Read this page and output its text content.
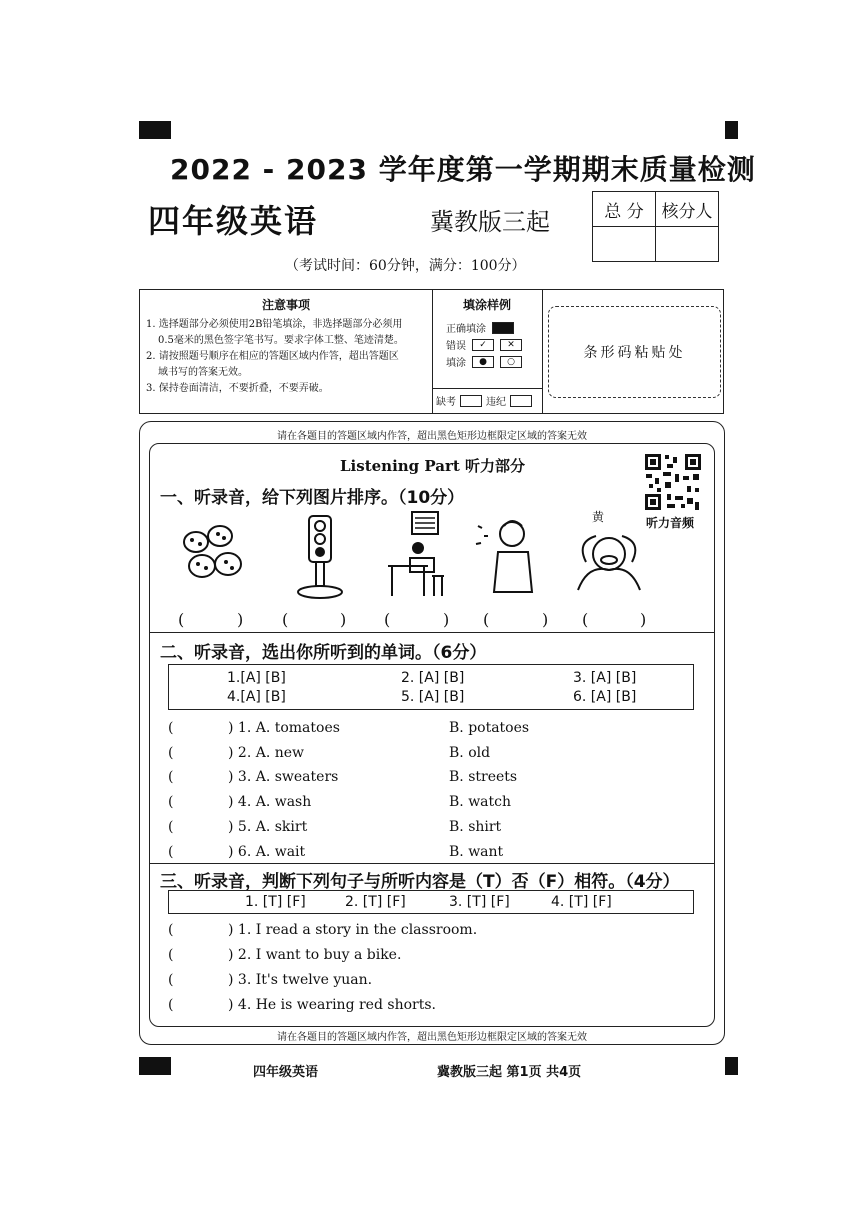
2022 - 2023 学年度第一学期期末质量检测
四年级英语	冀教版三起	总 分	核分人

（考试时间：60分钟，满分：100分）
注意事项
1. 选择题部分必须使用2B铅笔填涂，非选择题部分必须用
0.5毫米的黑色签字笔书写。要求字体工整、笔迹清楚。
2. 请按照题号顺序在相应的答题区域内作答，超出答题区
域书写的答案无效。
3. 保持卷面清洁，不要折叠，不要弄破。
填涂样例
正确填涂
错误	✓	✕
填涂	●	○
缺考	违纪
条形码粘贴处
请在各题目的答题区域内作答，超出黑色矩形边框限定区域的答案无效
请在各题目的答题区域内作答，超出黑色矩形边框限定区域的答案无效
Listening Part 听力部分
听力音频
一、听录音，给下列图片排序。（10分）
黄
(	) (	) (	) (	) (	)
二、听录音，选出你所听到的单词。（6分）
1.[A] [B]	2. [A] [B]	3. [A] [B]
4.[A] [B]	5. [A] [B]	6. [A] [B]
(	) 1. A. tomatoes	B. potatoes
(	) 2. A. new	B. old
(	) 3. A. sweaters	B. streets
(	) 4. A. wash	B. watch
(	) 5. A. skirt	B. shirt
(	) 6. A. wait	B. want
三、听录音，判断下列句子与所听内容是（T）否（F）相符。（4分）
1. [T] [F]	2. [T] [F]	3. [T] [F]	4. [T] [F]
(	) 1. I read a story in the classroom.
(	) 2. I want to buy a bike.
(	) 3. It's twelve yuan.
(	) 4. He is wearing red shorts.
四年级英语	冀教版三起 第1页 共4页
